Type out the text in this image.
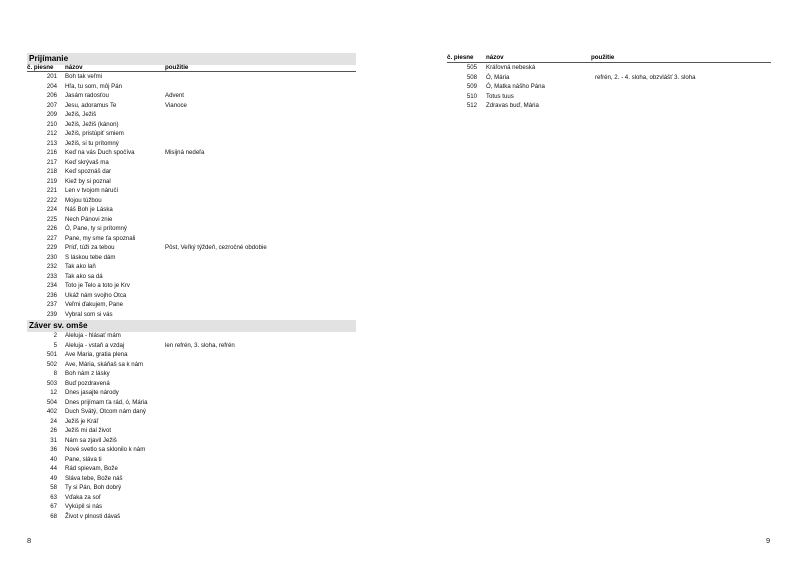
Prijímanie
č. piesne názov	použitie
201 Boh tak veľmi
204 Hľa, tu som, môj Pán
206 Jasám radosťou	Advent
207 Jesu, adoramus Te	Vianoce
209 Ježiš, Ježiš
210 Ježiš, Ježiš (kánon)
212 Ježiš, pristúpiť smiem
213 Ježiš, si tu prítomný
216 Keď na vás Duch spočíva	Misijná nedeľa
217 Keď skrývaš ma
218 Keď spoznáš dar
219 Kiež by si poznal
221 Len v tvojom náručí
222 Mojou túžbou
224 Náš Boh je Láska
225 Nech Pánovi znie
226 Ó, Pane, ty si prítomný
227 Pane, my sme ťa spoznali
229 Príď, túži za tebou	Pôst, Veľký týždeň, cezročné obdobie
230 S láskou tebe dám
232 Tak ako laň
233 Tak ako sa dá
234 Toto je Telo a toto je Krv
236 Ukáž nám svojho Otca
237 Veľmi ďakujem, Pane
239 Vybral som si vás
Záver sv. omše
2 Aleluja - hlásať mám
5 Aleluja - vstaň a vzdaj	len refrén, 3. sloha, refrén
501 Ave Maria, gratia plena
502 Ave, Mária, skáňaš sa k nám
8 Boh nám z lásky
503 Buď pozdravená
12 Dnes jasajte národy
504 Dnes prijímam ťa rád, ó, Mária
402 Duch Svätý, Otcom nám daný
24 Ježiš je Kráľ
26 Ježiš mi dal život
31 Nám sa zjavil Ježiš
36 Nové svetlo sa sklonilo k nám
40 Pane, sláva ti
44 Rád spievam, Bože
49 Sláva tebe, Bože náš
58 Ty si Pán, Boh dobrý
63 Vďaka za soľ
67 Vykúpil si nás
68 Život v plnosti dávaš
8
č. piesne názov	použitie
505 Kráľovná nebeská
508 Ó, Mária	refrén, 2. - 4. sloha, obzvlášť 3. sloha
509 Ó, Matka nášho Pána
510 Totus tuus
512 Zdravas buď, Mária
9
